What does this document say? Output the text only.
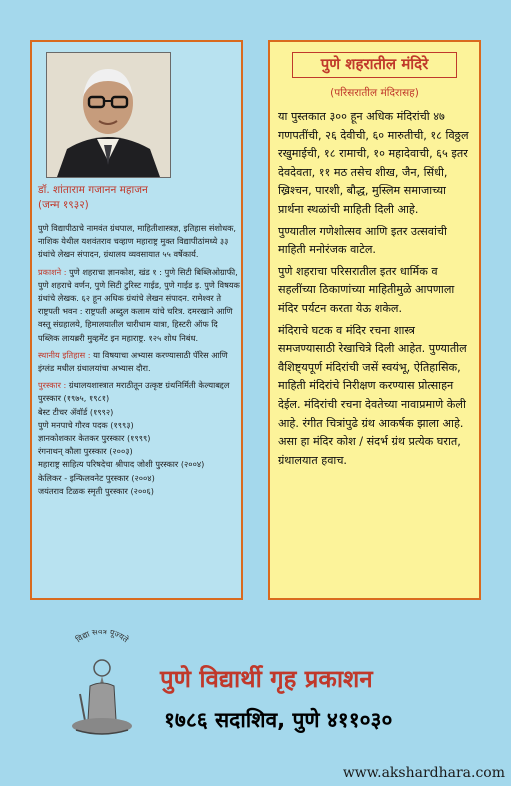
डॉ. शांताराम गजानन महाजन
(जन्म १९३२)

पुणे विद्यापीठाचे नामवंत ग्रंथपाल, माहितीशास्त्रज्ञ, इतिहास संशोधक, नाशिक येथील यशवंतराव चव्हाण महाराष्ट्र मुक्त विद्यापीठांमध्ये ३३ ग्रंथांचे लेखन संपादन, ग्रंथालय व्यवसायात ५५ वर्षेकार्य.

प्रकाशने : पुणे शहराचा ज्ञानकोश, खंड १ : पुणे सिटी बिब्लिओग्राफी, पुणे शहराचे वर्णन, पुणे सिटी टुरिस्ट गाईड, पुणे गाईड इ. पुणे विषयक ग्रंथांचे लेखक. ६२ हून अधिक ग्रंथांचे लेखन संपादन. रामेश्वर ते राष्ट्रपती भवन : राष्ट्रपती अब्दुल कलाम यांचे चरित्र. दमरखाने आणि वस्तू संग्रहालये, हिमालयातील चारीधाम यात्रा, हिस्टरी ऑफ दि पब्लिक लायब्ररी मुव्हमेंट इन महाराष्ट्र. १२५ शोध निबंध.

स्थानीय इतिहास : या विषयाचा अभ्यास करण्यासाठी पॅरिस आणि इंग्लंड मधील ग्रंथालयांचा अभ्यास दौरा.

पुरस्कार : ग्रंथालयशास्त्रात मराठीतून उत्कृष्ट ग्रंथनिर्मिती केल्याबद्दल पुरस्कार (१९७५, १९८१)
बेस्ट टीचर ॲवॉर्ड (१९९२)
पुणे मनपाचे गौरव पदक (१९९३)
ज्ञानकोशकार केतकर पुरस्कार (१९९९)
रंगनाथन् कौला पुरस्कार (२००३)
महाराष्ट्र साहित्य परिषदेचा श्रीपाद जोशी पुरस्कार (२००४)
केलिकर - इन्फिलवनेट पुरस्कार (२००४)
जयंतराव टिळक स्मृती पुरस्कार (२००६)

पुणे शहरातील मंदिरे
(परिसरातील मंदिरासह)

या पुस्तकात ३०० हून अधिक मंदिरांची ४७ गणपतींची, २६ देवीची, ६० मारुतीची, १८ विठ्ठल रखुमाईची, १८ रामाची, १० महादेवाची, ६५ इतर देवदेवता, ११ मठ तसेच शीख, जैन, सिंधी, ख्रिश्चन, पारशी, बौद्ध, मुस्लिम समाजाच्या प्रार्थना स्थळांची माहिती दिली आहे.

पुण्यातील गणेशोत्सव आणि इतर उत्सवांची माहिती मनोरंजक वाटेल.

पुणे शहराचा परिसरातील इतर धार्मिक व सहलींच्या ठिकाणांच्या माहितीमुळे आपणाला मंदिर पर्यटन करता येऊ शकेल.

मंदिराचे घटक व मंदिर रचना शास्त्र समजण्यासाठी रेखाचित्रे दिली आहेत. पुण्यातील वैशिष्ट्यपूर्ण मंदिरांची जसें स्वयंभू, ऐतिहासिक, माहिती मंदिरांचे निरीक्षण करण्यास प्रोत्साहन देईल. मंदिरांची रचना देवतेच्या नावाप्रमाणे केली आहे. रंगीत चित्रांपुढे ग्रंथ आकर्षक झाला आहे. असा हा मंदिर कोश / संदर्भ ग्रंथ प्रत्येक घरात, ग्रंथालयात हवाच.

विद्या सर्वत्र पूज्यते
पुणे विद्यार्थी गृह प्रकाशन
१७८६ सदाशिव, पुणे ४११०३०
www.akshardhara.com
